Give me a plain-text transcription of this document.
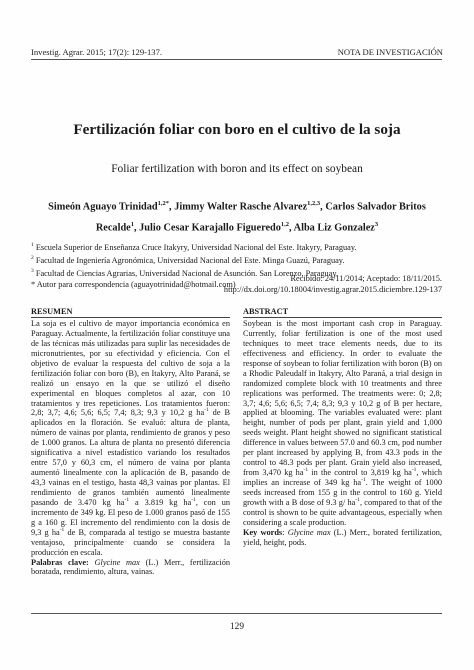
Investig. Agrar. 2015; 17(2): 129-137.	NOTA DE INVESTIGACIÓN
Fertilización foliar con boro en el cultivo de la soja
Foliar fertilization with boron and its effect on soybean
Simeón Aguayo Trinidad$^{1,2*}$, Jimmy Walter Rasche Alvarez$^{1,2,3}$, Carlos Salvador Britos Recalde$^1$, Julio Cesar Karajallo Figueredo$^{1,2}$, Alba Liz Gonzalez$^3$

$^1$ Escuela Superior de Enseñanza Cruce Itakyry, Universidad Nacional del Este. Itakyry, Paraguay.

$^2$ Facultad de Ingeniería Agronómica, Universidad Nacional del Este. Minga Guazú, Paraguay.

$^3$ Facultad de Ciencias Agrarias, Universidad Nacional de Asunción. San Lorenzo, Paraguay.

* Autor para correspondencia (aguayotrinidad@hotmail.com)

Recibido: 24/11/2014; Aceptado: 18/11/2015.
http://dx.doi.org/10.18004/investig.agrar.2015.diciembre.129-137
RESUMEN

La soja es el cultivo de mayor importancia económica en Paraguay. Actualmente, la fertilización foliar constituye una de las técnicas más utilizadas para suplir las necesidades de micronutrientes, por su efectividad y eficiencia. Con el objetivo de evaluar la respuesta del cultivo de soja a la fertilización foliar con boro (B), en Itakyry, Alto Paraná, se realizó un ensayo en la que se utilizó el diseño experimental en bloques completos al azar, con 10 tratamientos y tres repeticiones. Los tratamientos fueron: 2,8; 3,7; 4,6; 5,6; 6,5; 7,4; 8,3; 9,3 y 10,2 g $ha^{-1}$ de B aplicados en la floración. Se evaluó: altura de planta, número de vainas por planta, rendimiento de granos y peso de 1.000 granos. La altura de planta no presentó diferencia significativa a nivel estadístico variando los resultados entre 57,0 y 60,3 cm, el número de vaina por planta aumentó linealmente con la aplicación de B, pasando de 43,3 vainas en el testigo, hasta 48,3 vainas por plantas. El rendimiento de granos también aumentó linealmente pasando de 3.470 kg $ha^{-1}$ a 3.819 kg $ha^{-1}$, con un incremento de 349 kg. El peso de 1.000 granos pasó de 155 g a 160 g. El incremento del rendimiento con la dosis de 9,3 g $ha^{-1}$ de B, comparada al testigo se muestra bastante ventajoso, principalmente cuando se considera la producción en escala.

Palabras clave: Glycine max (L.) Merr., fertilización boratada, rendimiento, altura, vainas.

ABSTRACT

Soybean is the most important cash crop in Paraguay. Currently, foliar fertilization is one of the most used techniques to meet trace elements needs, due to its effectiveness and efficiency. In order to evaluate the response of soybean to foliar fertilization with boron (B) on a Rhodic Paleudalf in Itakyry, Alto Paraná, a trial design in randomized complete block with 10 treatments and three replications was performed. The treatments were: 0; 2,8; 3,7; 4,6; 5,6; 6,5; 7,4; 8,3; 9,3 y 10,2 g of B per hectare, applied at blooming. The variables evaluated were: plant height, number of pods per plant, grain yield and 1,000 seeds weight. Plant height showed no significant statistical difference in values between 57.0 and 60.3 cm, pod number per plant increased by applying B, from 43.3 pods in the control to 48.3 pods per plant. Grain yield also increased, from 3,470 kg $ha^{-1}$ in the control to 3,819 kg $ha^{-1}$, which implies an increase of 349 kg $ha^{-1}$. The weight of 1000 seeds increased from 155 g in the control to 160 g. Yield growth with a B dose of 9.3 g/ $ha^{-1}$, compared to that of the control is shown to be quite advantageous, especially when considering a scale production.

Key words: Glycine max (L.) Merr., borated fertilization, yield, height, pods.

129
